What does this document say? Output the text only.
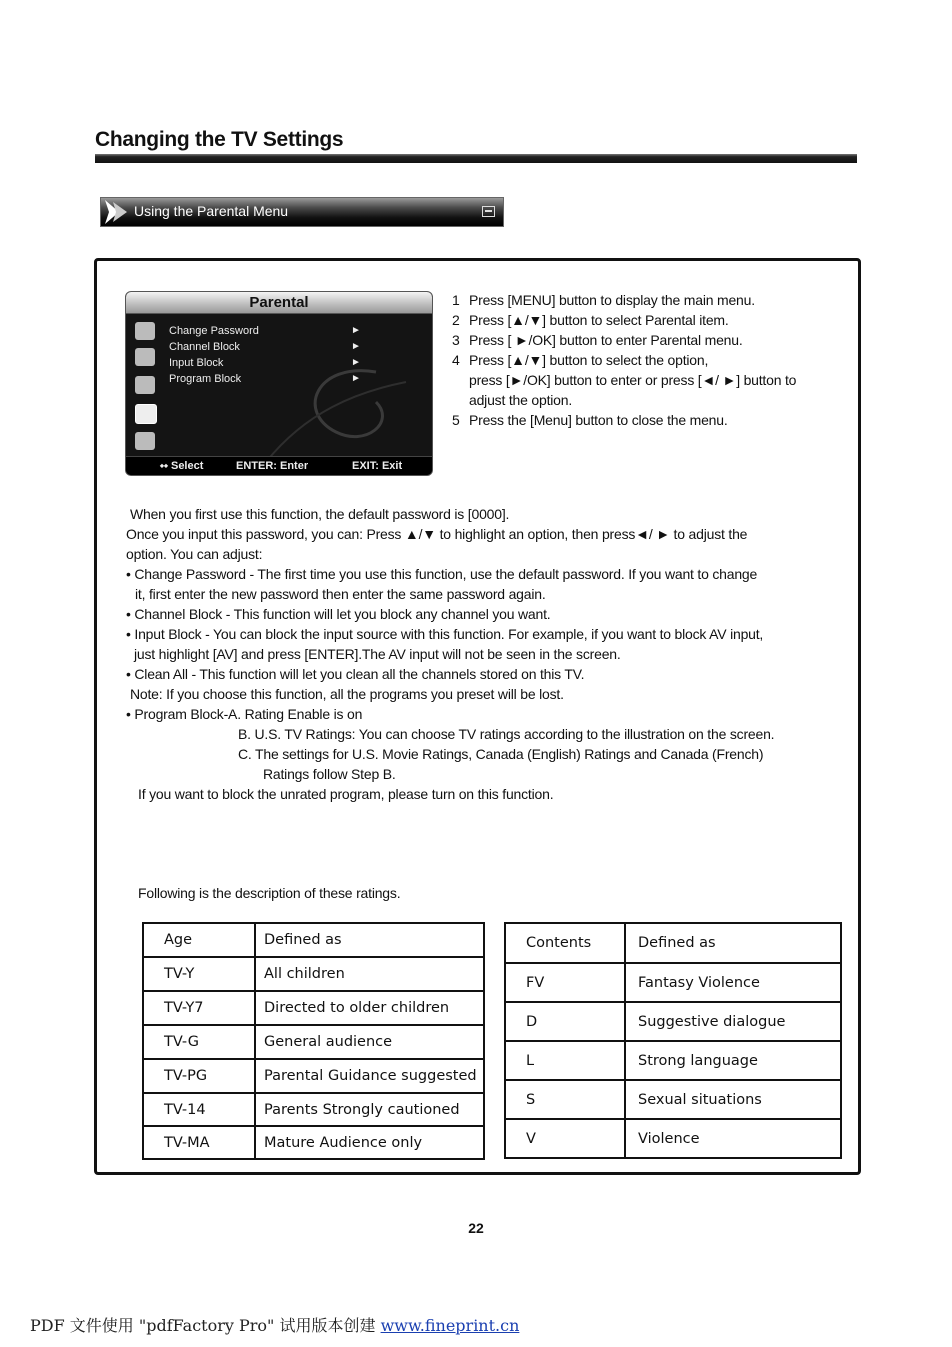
Changing the TV Settings
Using the Parental Menu
Parental
Change Password
Channel Block
Input Block
Program Block
►
►
►
►
⬩⬩ Select	ENTER: Enter	EXIT: Exit
1 Press [MENU] button to display the main menu.
2 Press [▲/▼] button to select Parental item.
3 Press [ ►/OK] button to enter Parental menu.
4 Press [▲/▼] button to select the option,
press [►/OK] button to enter or press [◄/ ►] button to
adjust the option.
5 Press the [Menu] button to close the menu.
When you first use this function, the default password is [0000].
Once you input this password, you can: Press ▲/▼ to highlight an option, then press◄/ ► to adjust the
option. You can adjust:
• Change Password - The first time you use this function, use the default password. If you want to change
it, first enter the new password then enter the same password again.
• Channel Block - This function will let you block any channel you want.
• Input Block - You can block the input source with this function. For example, if you want to block AV input,
just highlight [AV] and press [ENTER].The AV input will not be seen in the screen.
• Clean All - This function will let you clean all the channels stored on this TV.
Note: If you choose this function, all the programs you preset will be lost.
• Program Block-A. Rating Enable is on
B. U.S. TV Ratings: You can choose TV ratings according to the illustration on the screen.
C. The settings for U.S. Movie Ratings, Canada (English) Ratings and Canada (French)
Ratings follow Step B.
If you want to block the unrated program, please turn on this function.
Following is the description of these ratings.
Age	Defined as
TV-Y	All children
TV-Y7	Directed to older children
TV-G	General audience
TV-PG	Parental Guidance suggested
TV-14	Parents Strongly cautioned
TV-MA	Mature Audience only
Contents	Defined as
FV	Fantasy Violence
D	Suggestive dialogue
L	Strong language
S	Sexual situations
V	Violence
22
PDF 文件使用 "pdfFactory Pro" 试用版本创建 www.fineprint.cn
